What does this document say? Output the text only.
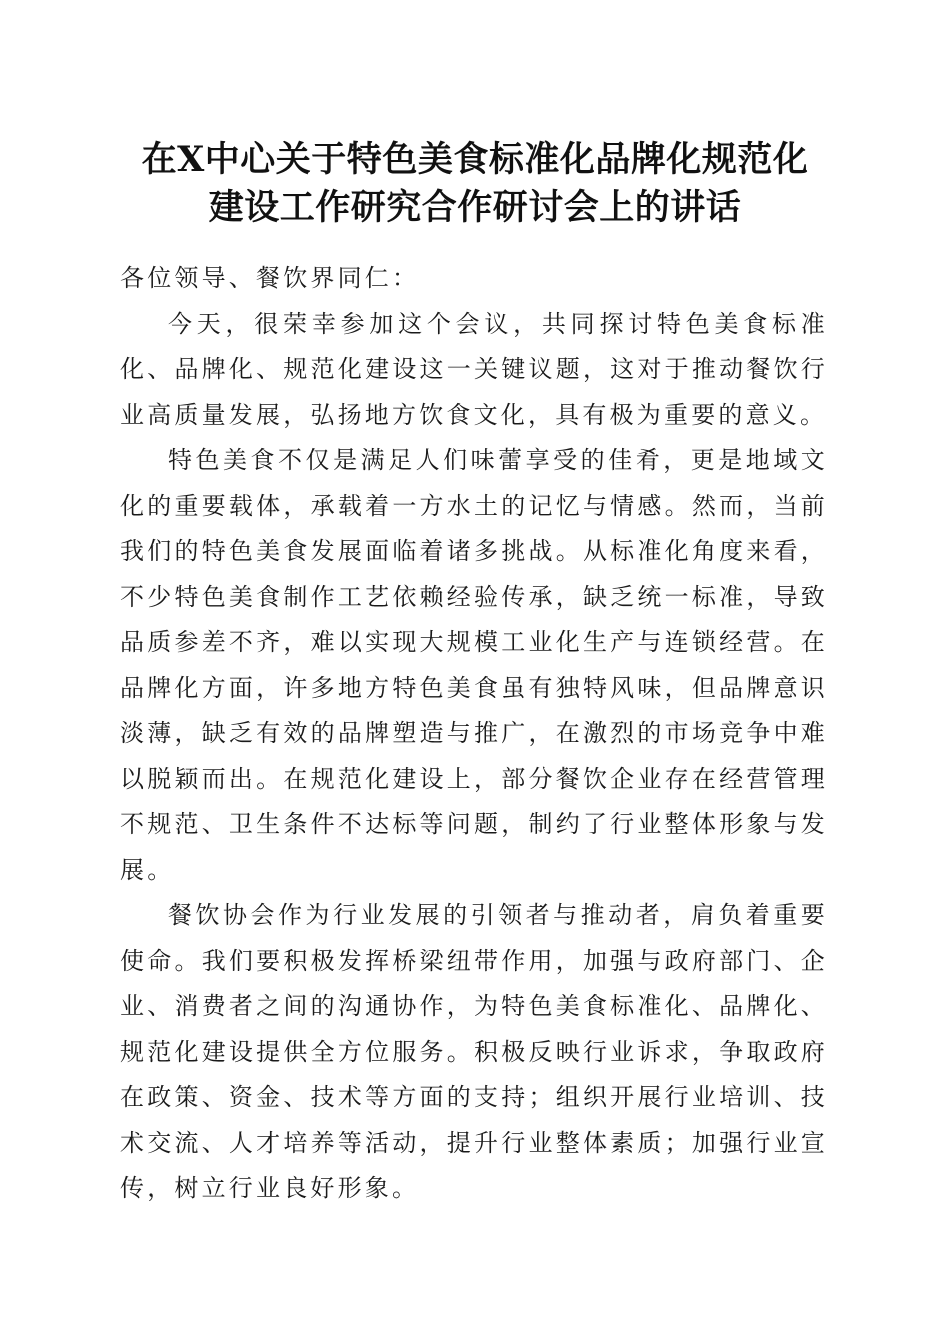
在X中心关于特色美食标准化品牌化规范化
建设工作研究合作研讨会上的讲话

各位领导、餐饮界同仁：

今天，很荣幸参加这个会议，共同探讨特色美食标准化、品牌化、规范化建设这一关键议题，这对于推动餐饮行业高质量发展，弘扬地方饮食文化，具有极为重要的意义。

特色美食不仅是满足人们味蕾享受的佳肴，更是地域文化的重要载体，承载着一方水土的记忆与情感。然而，当前我们的特色美食发展面临着诸多挑战。从标准化角度来看，不少特色美食制作工艺依赖经验传承，缺乏统一标准，导致品质参差不齐，难以实现大规模工业化生产与连锁经营。在品牌化方面，许多地方特色美食虽有独特风味，但品牌意识淡薄，缺乏有效的品牌塑造与推广，在激烈的市场竞争中难以脱颖而出。在规范化建设上，部分餐饮企业存在经营管理不规范、卫生条件不达标等问题，制约了行业整体形象与发展。

餐饮协会作为行业发展的引领者与推动者，肩负着重要使命。我们要积极发挥桥梁纽带作用，加强与政府部门、企业、消费者之间的沟通协作，为特色美食标准化、品牌化、规范化建设提供全方位服务。积极反映行业诉求，争取政府在政策、资金、技术等方面的支持；组织开展行业培训、技术交流、人才培养等活动，提升行业整体素质；加强行业宣传，树立行业良好形象。
